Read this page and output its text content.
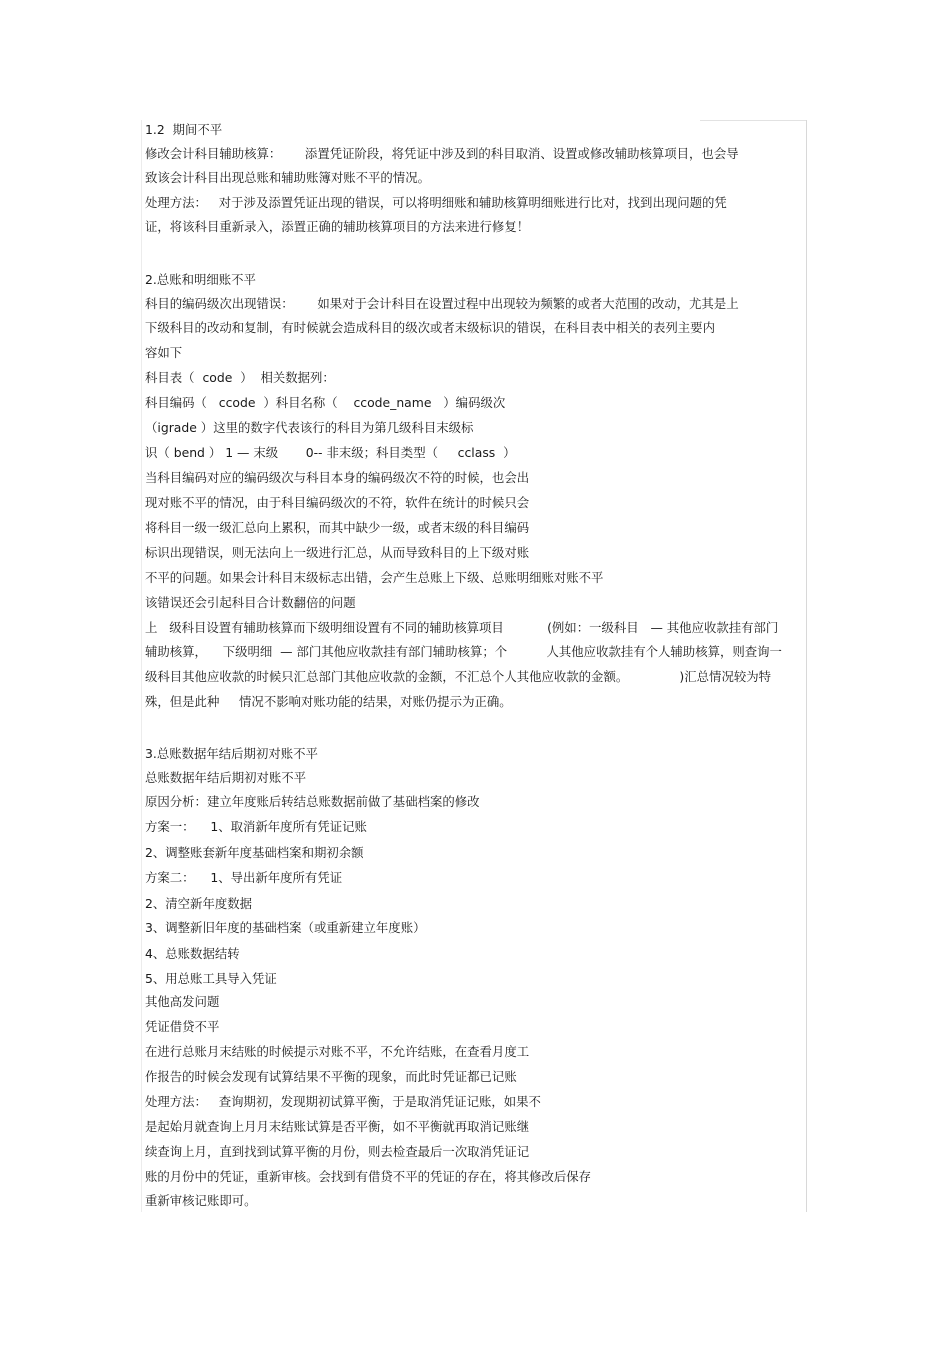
1.2  期间不平
修改会计科目辅助核算：      添置凭证阶段，将凭证中涉及到的科目取消、设置或修改辅助核算项目，也会导
致该会计科目出现总账和辅助账簿对账不平的情况。
处理方法：   对于涉及添置凭证出现的错误，可以将明细账和辅助核算明细账进行比对，找到出现问题的凭
证，将该科目重新录入，添置正确的辅助核算项目的方法来进行修复！
2.总账和明细账不平
科目的编码级次出现错误：      如果对于会计科目在设置过程中出现较为频繁的或者大范围的改动，尤其是上
下级科目的改动和复制，有时候就会造成科目的级次或者末级标识的错误，在科目表中相关的表列主要内
容如下
科目表（  code  ）  相关数据列：
科目编码（   ccode  ）科目名称（    ccode_name   ）编码级次
（igrade ）这里的数字代表该行的科目为第几级科目末级标
识（ bend ） 1 — 末级       0-- 非末级；科目类型（     cclass  ）
当科目编码对应的编码级次与科目本身的编码级次不符的时候，也会出
现对账不平的情况，由于科目编码级次的不符，软件在统计的时候只会
将科目一级一级汇总向上累积，而其中缺少一级，或者末级的科目编码
标识出现错误，则无法向上一级进行汇总，从而导致科目的上下级对账
不平的问题。如果会计科目末级标志出错，会产生总账上下级、总账明细账对账不平
该错误还会引起科目合计数翻倍的问题
上   级科目设置有辅助核算而下级明细设置有不同的辅助核算项目           (例如：一级科目   — 其他应收款挂有部门
辅助核算，    下级明细  — 部门其他应收款挂有部门辅助核算；个          人其他应收款挂有个人辅助核算，则查询一
级科目其他应收款的时候只汇总部门其他应收款的金额，不汇总个人其他应收款的金额。             )汇总情况较为特
殊，但是此种     情况不影响对账功能的结果，对账仍提示为正确。
3.总账数据年结后期初对账不平
总账数据年结后期初对账不平
原因分析：建立年度账后转结总账数据前做了基础档案的修改
方案一：    1、取消新年度所有凭证记账
2、调整账套新年度基础档案和期初余额
方案二：    1、导出新年度所有凭证
2、清空新年度数据
3、调整新旧年度的基础档案（或重新建立年度账）
4、总账数据结转
5、用总账工具导入凭证
其他高发问题
凭证借贷不平
在进行总账月末结账的时候提示对账不平，不允许结账，在查看月度工
作报告的时候会发现有试算结果不平衡的现象，而此时凭证都已记账
处理方法：   查询期初，发现期初试算平衡，于是取消凭证记账，如果不
是起始月就查询上月月末结账试算是否平衡，如不平衡就再取消记账继
续查询上月，直到找到试算平衡的月份，则去检查最后一次取消凭证记
账的月份中的凭证，重新审核。会找到有借贷不平的凭证的存在，将其修改后保存
重新审核记账即可。
